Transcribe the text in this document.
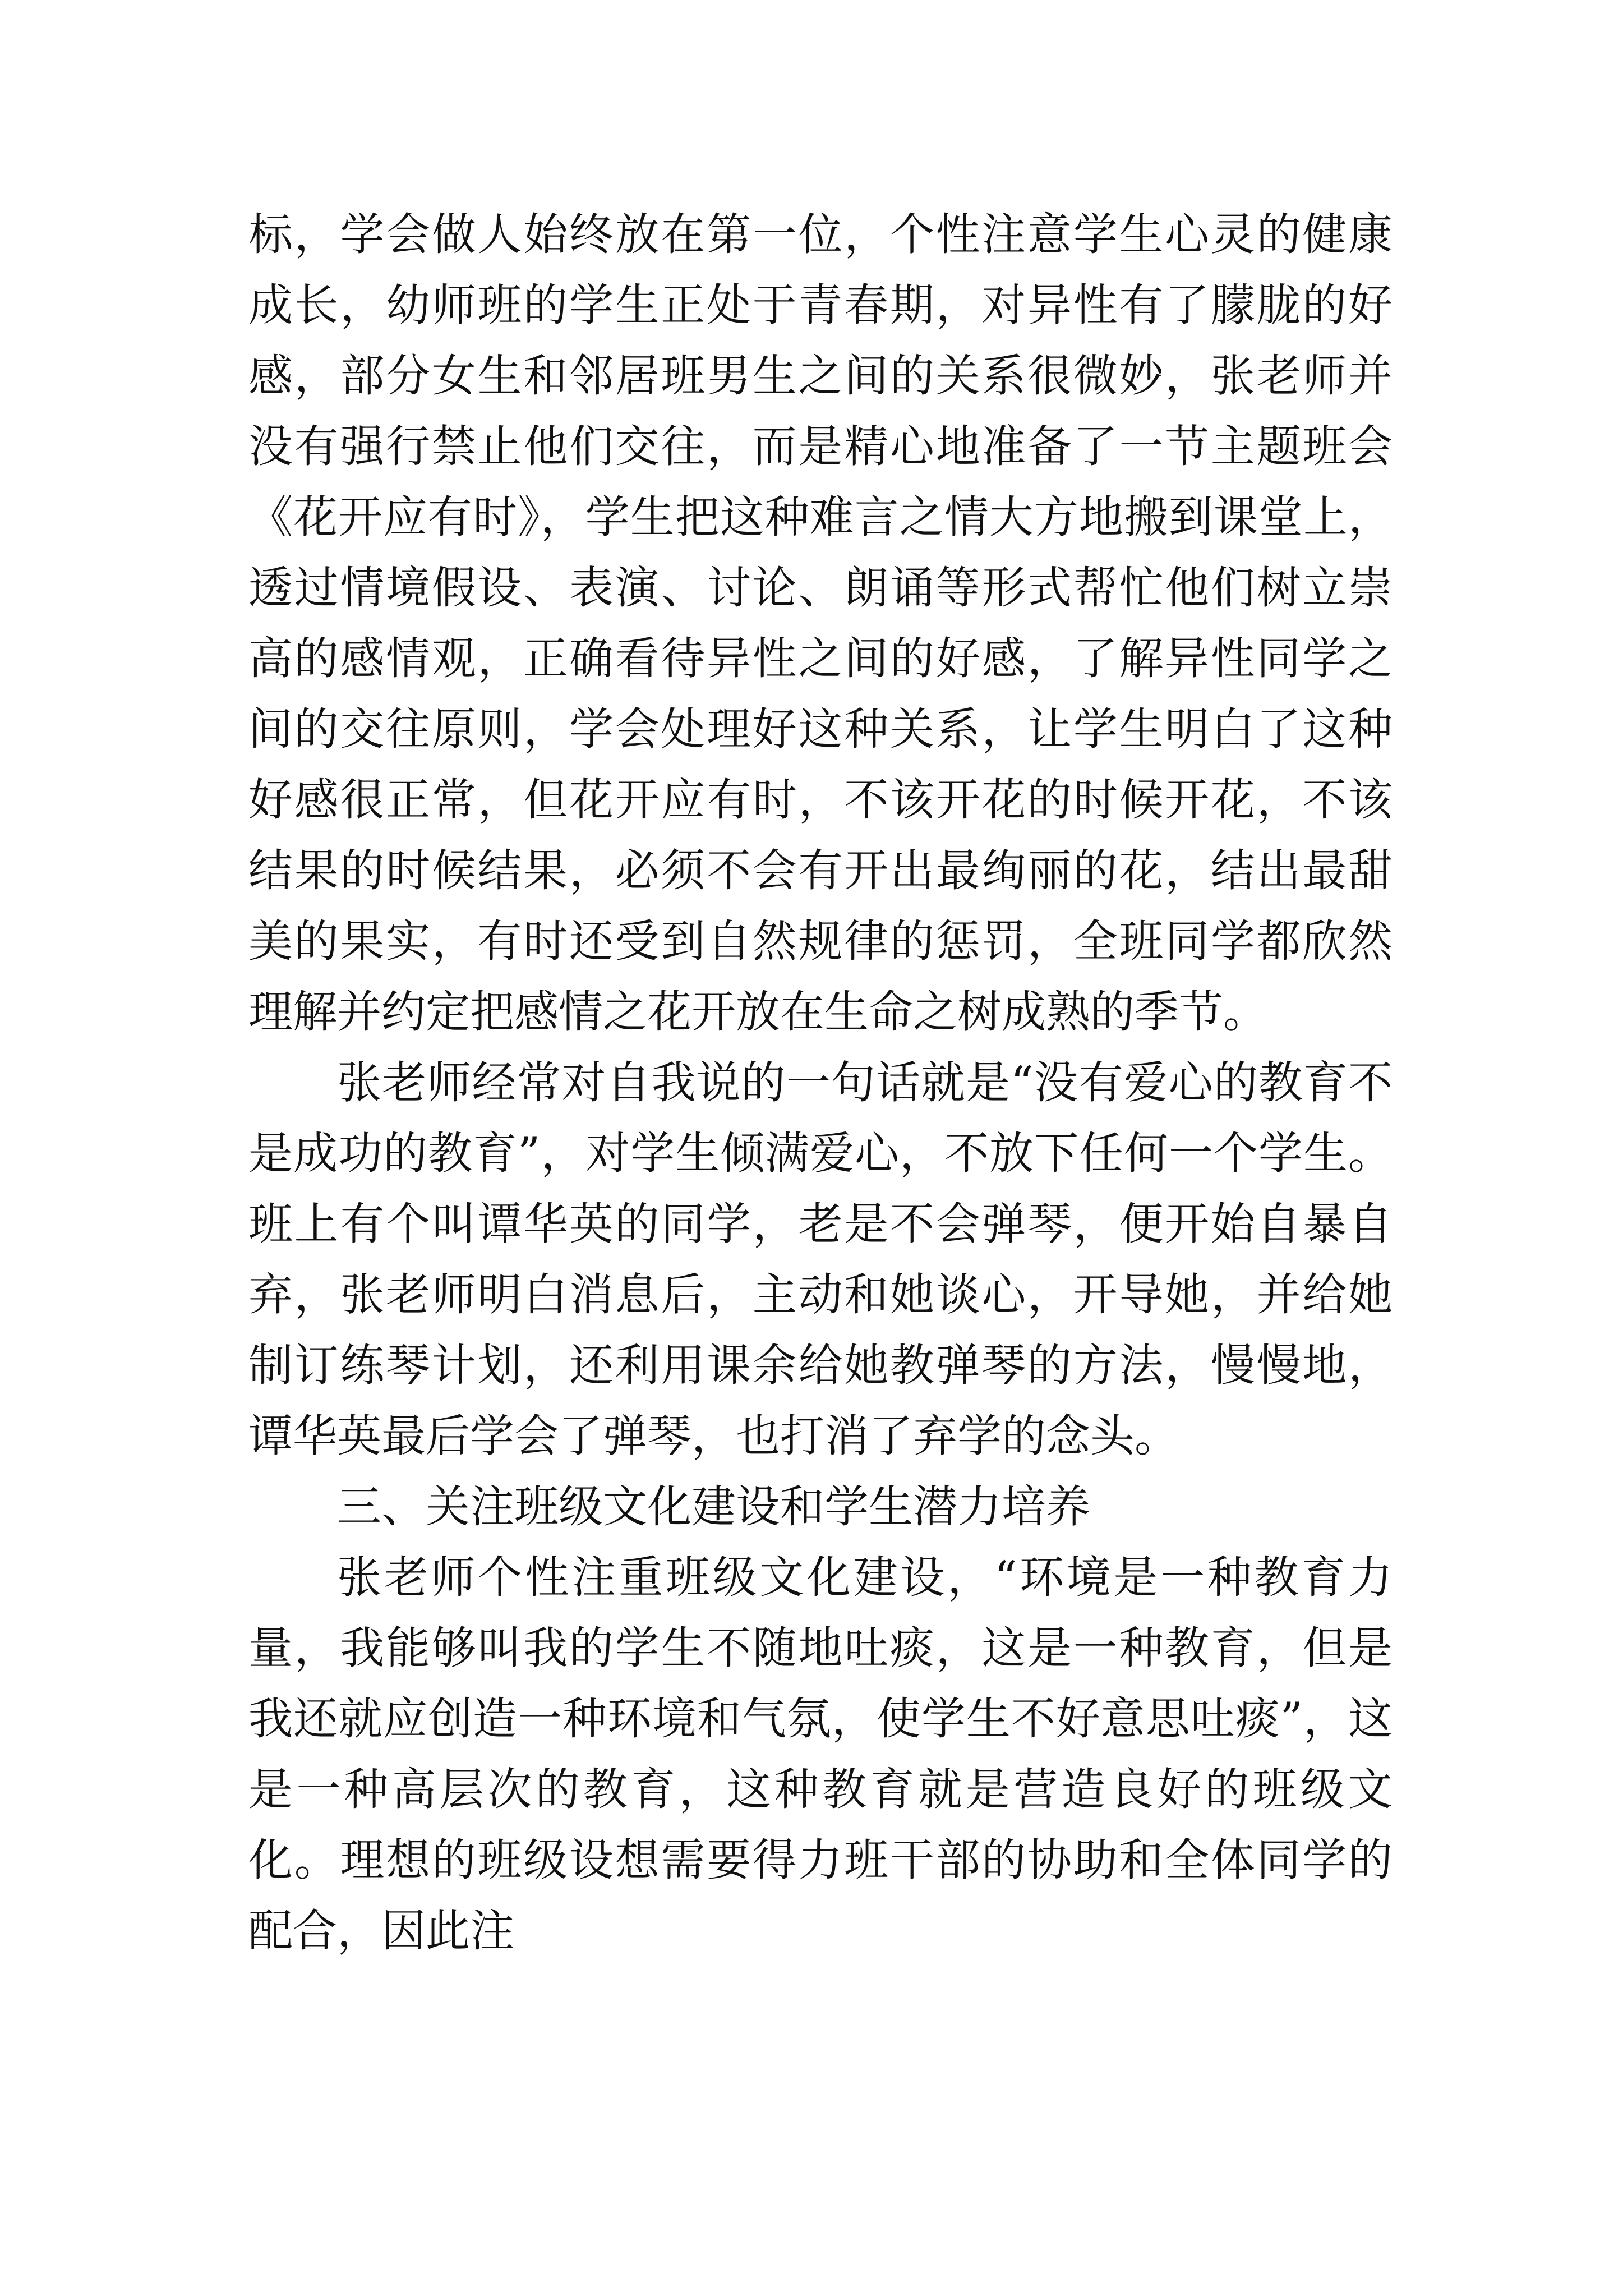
标，学会做人始终放在第一位，个性注意学生心灵的健康成长，幼师班的学生正处于青春期，对异性有了朦胧的好感，部分女生和邻居班男生之间的关系很微妙，张老师并没有强行禁止他们交往，而是精心地准备了一节主题班会《花开应有时》，学生把这种难言之情大方地搬到课堂上，透过情境假设、表演、讨论、朗诵等形式帮忙他们树立崇高的感情观，正确看待异性之间的好感，了解异性同学之间的交往原则，学会处理好这种关系，让学生明白了这种好感很正常，但花开应有时，不该开花的时候开花，不该结果的时候结果，必须不会有开出最绚丽的花，结出最甜美的果实，有时还受到自然规律的惩罚，全班同学都欣然理解并约定把感情之花开放在生命之树成熟的季节。

张老师经常对自我说的一句话就是“没有爱心的教育不是成功的教育”，对学生倾满爱心，不放下任何一个学生。班上有个叫谭华英的同学，老是不会弹琴，便开始自暴自弃，张老师明白消息后，主动和她谈心，开导她，并给她制订练琴计划，还利用课余给她教弹琴的方法，慢慢地，谭华英最后学会了弹琴，也打消了弃学的念头。

三、关注班级文化建设和学生潜力培养

张老师个性注重班级文化建设，“环境是一种教育力量，我能够叫我的学生不随地吐痰，这是一种教育，但是我还就应创造一种环境和气氛，使学生不好意思吐痰”，这是一种高层次的教育，这种教育就是营造良好的班级文化。理想的班级设想需要得力班干部的协助和全体同学的配合，因此注
